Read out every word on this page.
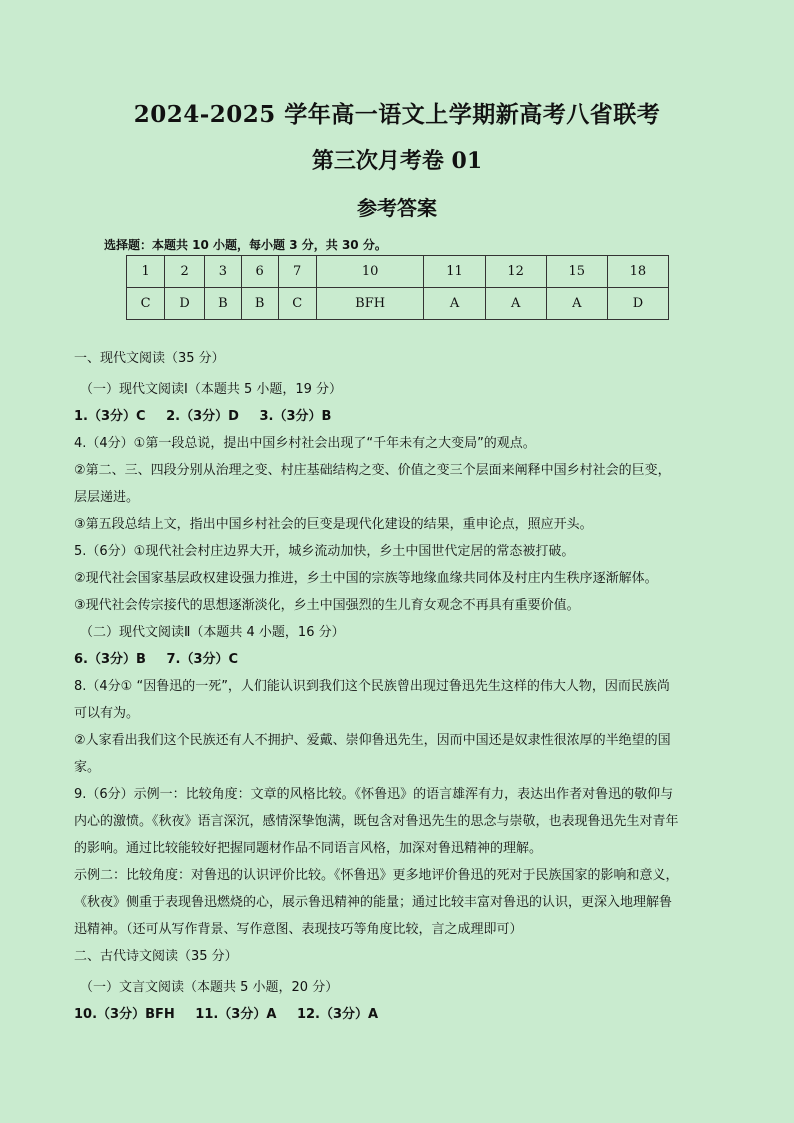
2024-2025 学年高一语文上学期新高考八省联考
第三次月考卷 01
参考答案
选择题：本题共 10 小题，每小题 3 分，共 30 分。
1	2	3	6	7	10	11	12	15	18
C	D	B	B	C	BFH	A	A	A	D
一、现代文阅读（35 分）
（一）现代文阅读Ⅰ（本题共 5 小题，19 分）
1.（3分）C 2.（3分）D 3.（3分）B
4.（4分）①第一段总说，提出中国乡村社会出现了“千年未有之大变局”的观点。
②第二、三、四段分别从治理之变、村庄基础结构之变、价值之变三个层面来阐释中国乡村社会的巨变，
层层递进。
③第五段总结上文，指出中国乡村社会的巨变是现代化建设的结果，重申论点，照应开头。
5.（6分）①现代社会村庄边界大开，城乡流动加快，乡土中国世代定居的常态被打破。
②现代社会国家基层政权建设强力推进，乡土中国的宗族等地缘血缘共同体及村庄内生秩序逐渐解体。
③现代社会传宗接代的思想逐渐淡化，乡土中国强烈的生儿育女观念不再具有重要价值。
（二）现代文阅读Ⅱ（本题共 4 小题，16 分）
6.（3分）B 7.（3分）C
8.（4分① “因鲁迅的一死”，人们能认识到我们这个民族曾出现过鲁迅先生这样的伟大人物，因而民族尚
可以有为。
②人家看出我们这个民族还有人不拥护、爱戴、崇仰鲁迅先生，因而中国还是奴隶性很浓厚的半绝望的国
家。
9.（6分）示例一：比较角度：文章的风格比较。《怀鲁迅》的语言雄浑有力，表达出作者对鲁迅的敬仰与
内心的激愤。《秋夜》语言深沉，感情深挚饱满，既包含对鲁迅先生的思念与崇敬，也表现鲁迅先生对青年
的影响。通过比较能较好把握同题材作品不同语言风格，加深对鲁迅精神的理解。
示例二：比较角度：对鲁迅的认识评价比较。《怀鲁迅》更多地评价鲁迅的死对于民族国家的影响和意义，
《秋夜》侧重于表现鲁迅燃烧的心，展示鲁迅精神的能量；通过比较丰富对鲁迅的认识，更深入地理解鲁
迅精神。（还可从写作背景、写作意图、表现技巧等角度比较，言之成理即可）
二、古代诗文阅读（35 分）
（一）文言文阅读（本题共 5 小题，20 分）
10.（3分）BFH 11.（3分）A 12.（3分）A
